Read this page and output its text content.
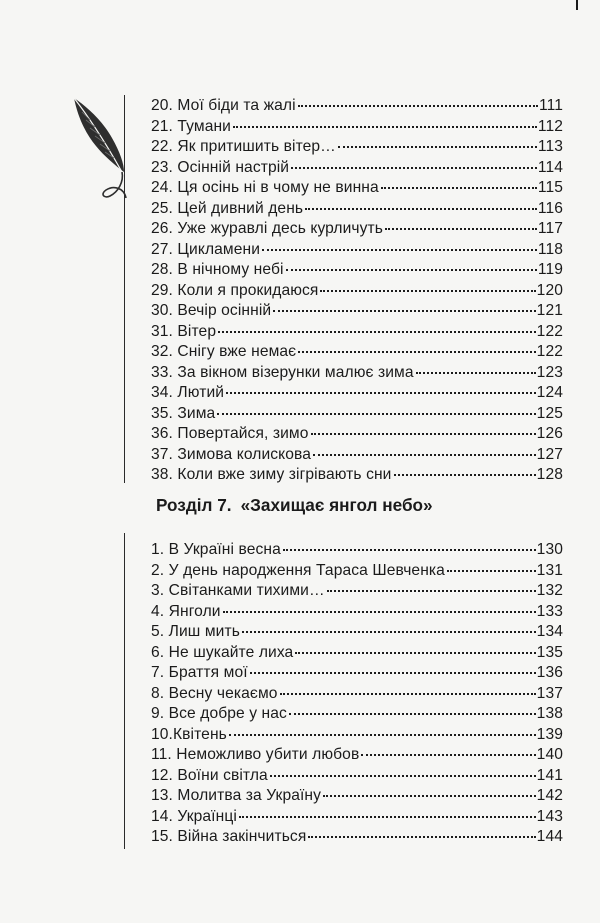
20. Мої біди та жалі	111
21. Тумани	112
22. Як притишить вітер…	113
23. Осінній настрій	114
24. Ця осінь ні в чому не винна	115
25. Цей дивний день	116
26. Уже журавлі десь курличуть	117
27. Цикламени	118
28. В нічному небі	119
29. Коли я прокидаюся	120
30. Вечір осінній	121
31. Вітер	122
32. Снігу вже немає	122
33. За вікном візерунки малює зима	123
34. Лютий	124
35. Зима	125
36. Повертайся, зимо	126
37. Зимова колискова	127
38. Коли вже зиму зігрівають сни	128
Розділ 7. «Захищає янгол небо»
1. В Україні весна	130
2. У день народження Тараса Шевченка	131
3. Світанками тихими…	132
4. Янголи	133
5. Лиш мить	134
6. Не шукайте лиха	135
7. Браття мої	136
8. Весну чекаємо	137
9. Все добре у нас	138
10.Квітень	139
11. Неможливо убити любов	140
12. Воїни світла	141
13. Молитва за Україну	142
14. Українці	143
15. Війна закінчиться	144
